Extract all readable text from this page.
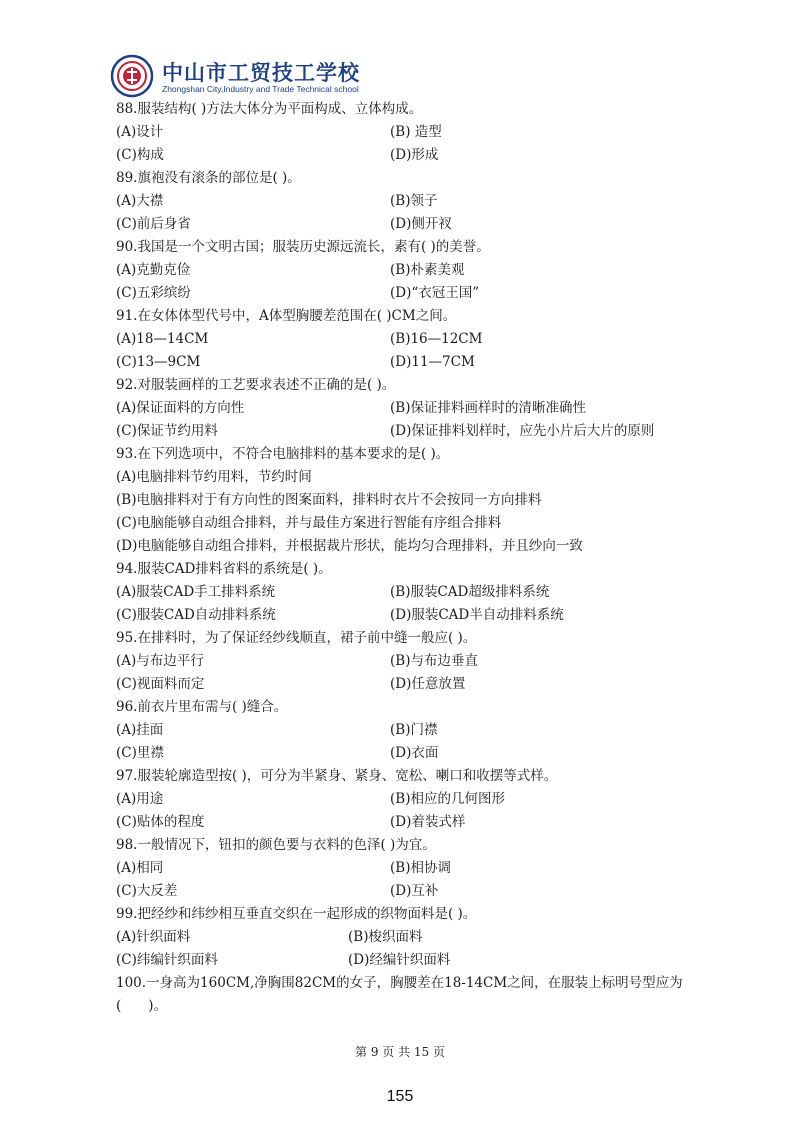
中山市工贸技工学校
Zhongshan City,Industry and Trade Technical school
88.服装结构( )方法大体分为平面构成、立体构成。
(A)设计	(B) 造型
(C)构成	(D)形成
89.旗袍没有滚条的部位是( )。
(A)大襟	(B)领子
(C)前后身省	(D)侧开衩
90.我国是一个文明古国；服装历史源远流长，素有( )的美誉。
(A)克勤克俭	(B)朴素美观
(C)五彩缤纷	(D)“衣冠王国”
91.在女体体型代号中，A体型胸腰差范围在( )CM之间。
(A)18—14CM	(B)16—12CM
(C)13—9CM	(D)11—7CM
92.对服装画样的工艺要求表述不正确的是( )。
(A)保证面料的方向性	(B)保证排料画样时的清晰准确性
(C)保证节约用料	(D)保证排料划样时，应先小片后大片的原则
93.在下列选项中，不符合电脑排料的基本要求的是( )。
(A)电脑排料节约用料，节约时间
(B)电脑排料对于有方向性的图案面料，排料时衣片不会按同一方向排料
(C)电脑能够自动组合排料，并与最佳方案进行智能有序组合排料
(D)电脑能够自动组合排料，并根据裁片形状，能均匀合理排料，并且纱向一致
94.服装CAD排料省料的系统是( )。
(A)服装CAD手工排料系统	(B)服装CAD超级排料系统
(C)服装CAD自动排料系统	(D)服装CAD半自动排料系统
95.在排料时，为了保证经纱线顺直，裙子前中缝一般应( )。
(A)与布边平行	(B)与布边垂直
(C)视面料而定	(D)任意放置
96.前衣片里布需与( )缝合。
(A)挂面	(B)门襟
(C)里襟	(D)衣面
97.服装轮廓造型按( )，可分为半紧身、紧身、宽松、喇口和收摆等式样。
(A)用途	(B)相应的几何图形
(C)贴体的程度	(D)着装式样
98.一般情况下，钮扣的颜色要与衣料的色泽( )为宜。
(A)相同	(B)相协调
(C)大反差	(D)互补
99.把经纱和纬纱相互垂直交织在一起形成的织物面料是( )。
(A)针织面料	(B)梭织面料
(C)纬编针织面料	(D)经编针织面料
100.一身高为160CM,净胸围82CM的女子，胸腰差在18-14CM之间，在服装上标明号型应为(　　)。
第 9 页 共 15 页
155
